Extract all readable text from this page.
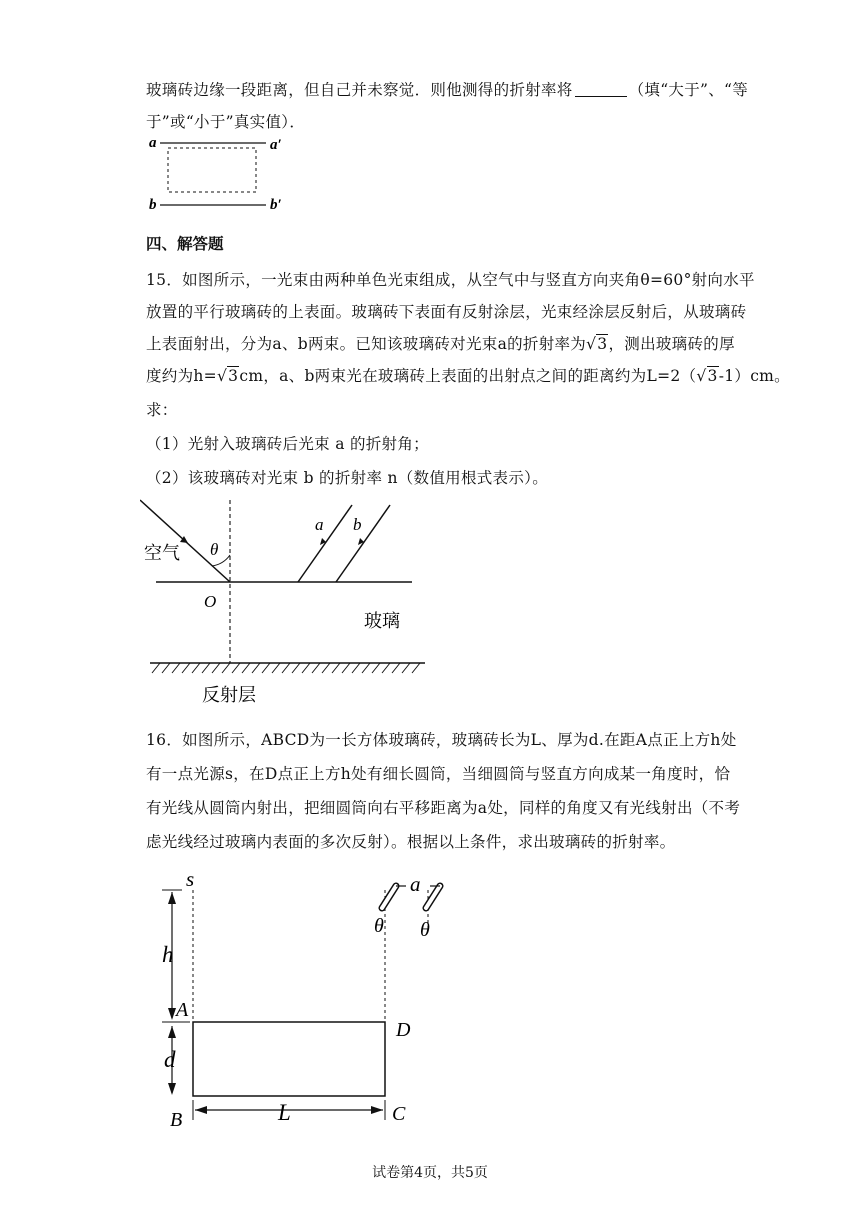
玻璃砖边缘一段距离，但自己并未察觉．则他测得的折射率将	（填“大于”、“等
于”或“小于”真实值）．
a	a′
b	b′
四、解答题
15．如图所示，一光束由两种单色光束组成，从空气中与竖直方向夹角θ=60°射向水平
放置的平行玻璃砖的上表面。玻璃砖下表面有反射涂层，光束经涂层反射后，从玻璃砖
上表面射出，分为a、b两束。已知该玻璃砖对光束a的折射率为√3，测出玻璃砖的厚
度约为h=√3cm，a、b两束光在玻璃砖上表面的出射点之间的距离约为L=2（√3-1）cm。
求：
（1）光射入玻璃砖后光束 a 的折射角；
（2）该玻璃砖对光束 b 的折射率 n（数值用根式表示）。
θ
空气
O
玻璃
反射层
a b
16．如图所示，ABCD为一长方体玻璃砖，玻璃砖长为L、厚为d.在距A点正上方h处
有一点光源s，在D点正上方h处有细长圆筒，当细圆筒与竖直方向成某一角度时，恰
有光线从圆筒内射出，把细圆筒向右平移距离为a处，同样的角度又有光线射出（不考
虑光线经过玻璃内表面的多次反射）。根据以上条件，求出玻璃砖的折射率。
s
h
A
d
D
B	C
L
a
θ θ
试卷第4页，共5页
